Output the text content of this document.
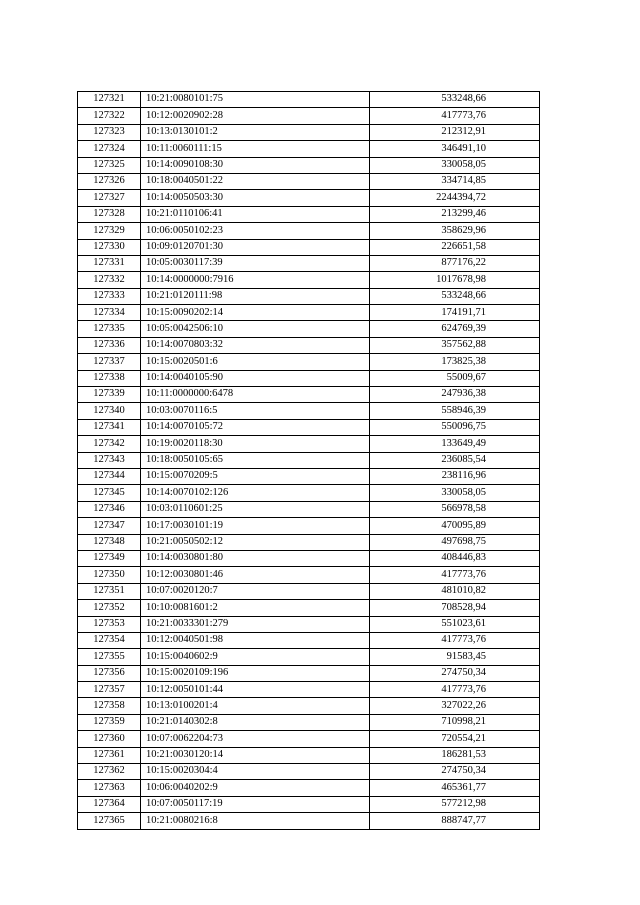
127321	10:21:0080101:75	533248,66
127322	10:12:0020902:28	417773,76
127323	10:13:0130101:2	212312,91
127324	10:11:0060111:15	346491,10
127325	10:14:0090108:30	330058,05
127326	10:18:0040501:22	334714,85
127327	10:14:0050503:30	2244394,72
127328	10:21:0110106:41	213299,46
127329	10:06:0050102:23	358629,96
127330	10:09:0120701:30	226651,58
127331	10:05:0030117:39	877176,22
127332	10:14:0000000:7916	1017678,98
127333	10:21:0120111:98	533248,66
127334	10:15:0090202:14	174191,71
127335	10:05:0042506:10	624769,39
127336	10:14:0070803:32	357562,88
127337	10:15:0020501:6	173825,38
127338	10:14:0040105:90	55009,67
127339	10:11:0000000:6478	247936,38
127340	10:03:0070116:5	558946,39
127341	10:14:0070105:72	550096,75
127342	10:19:0020118:30	133649,49
127343	10:18:0050105:65	236085,54
127344	10:15:0070209:5	238116,96
127345	10:14:0070102:126	330058,05
127346	10:03:0110601:25	566978,58
127347	10:17:0030101:19	470095,89
127348	10:21:0050502:12	497698,75
127349	10:14:0030801:80	408446,83
127350	10:12:0030801:46	417773,76
127351	10:07:0020120:7	481010,82
127352	10:10:0081601:2	708528,94
127353	10:21:0033301:279	551023,61
127354	10:12:0040501:98	417773,76
127355	10:15:0040602:9	91583,45
127356	10:15:0020109:196	274750,34
127357	10:12:0050101:44	417773,76
127358	10:13:0100201:4	327022,26
127359	10:21:0140302:8	710998,21
127360	10:07:0062204:73	720554,21
127361	10:21:0030120:14	186281,53
127362	10:15:0020304:4	274750,34
127363	10:06:0040202:9	465361,77
127364	10:07:0050117:19	577212,98
127365	10:21:0080216:8	888747,77
